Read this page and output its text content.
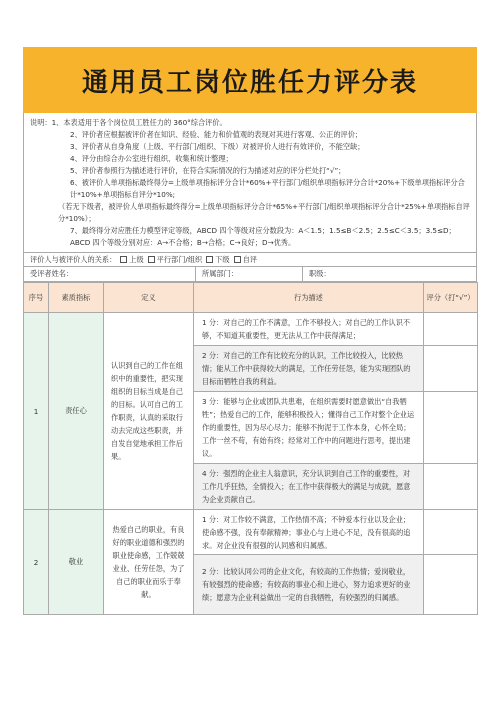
通用员工岗位胜任力评分表

说明：1、本表适用于各个岗位员工胜任力的 360°综合评价。

2、评价者应根据被评价者在知识、经验、能力和价值观的表现对其进行客观、公正的评价；

3、评价者从自身角度（上级、平行部门/组织、下级）对被评价人进行有效评价，不能空缺；

4、评分由综合办公室进行组织、收集和统计整理；

5、评价者参照行为描述进行评价，在符合实际情况的行为描述对应的评分栏处打“√”；

6、被评价人单项指标最终得分=上级单项指标评分合计*60%+平行部门/组织单项指标评分合计*20%+下级单项指标评分合计*10%+单项指标自评分*10%;

（若无下级者，被评价人单项指标最终得分=上级单项指标评分合计*65%+平行部门/组织单项指标评分合计*25%+单项指标自评分*10%）；

7、最终得分对应胜任力模型评定等级，ABCD 四个等级对应分数段为：A＜1.5；1.5≤B＜2.5；2.5≤C＜3.5；3.5≤D；ABCD 四个等级分别对应：A→不合格；B→合格；C→良好；D→优秀。

评价人与被评价人的关系： 上级 平行部门/组织 下级 自评
受评者姓名：	所属部门：	职级：
序号	素质指标	定义	行为描述	评分（打“√”）
1	责任心	认识到自己的工作在组织中的重要性，把实现组织的目标当成是自己的目标。认可自己的工作职责，认真的采取行动去完成这些职责，并自发自觉地承担工作后果。	1 分：对自己的工作不满意，工作不够投入；对自己的工作认识不够，不知道其重要性，更无法从工作中获得满足；	
			2 分：对自己的工作有比较充分的认识，工作比较投入，比较热情；能从工作中获得较大的满足，工作任劳任怨，能为实现团队的目标而牺牲自我的利益。	
			3 分：能够与企业或团队共患难，在组织需要时愿意做出“自我牺牲”；热爱自己的工作，能够积极投入；懂得自己工作对整个企业运作的重要性，因为尽心尽力；能够不拘泥于工作本身，心怀全局；工作一丝不苟，有始有终；经常对工作中的问题进行思考，提出建议。	
			4 分：强烈的企业主人翁意识，充分认识到自己工作的重要性，对工作几乎狂热，全情投入；在工作中获得极大的满足与成就，愿意为企业贡献自己。	
2	敬业	热爱自己的职业，有良好的职业道德和强烈的职业使命感，工作兢兢业业、任劳任怨，为了自己的职业而乐于奉献。	1 分：对工作较不满意，工作热情不高；不钟爱本行业以及企业；使命感不强，没有奉献精神；事业心与上进心不足，没有很高的追求。对企业没有很强的认同感和归属感。	
			2 分：比较认同公司的企业文化，有较高的工作热情；爱岗敬业，有较强烈的使命感；有较高的事业心和上进心，努力追求更好的业绩；愿意为企业利益做出一定的自我牺牲，有较强烈的归属感。	
